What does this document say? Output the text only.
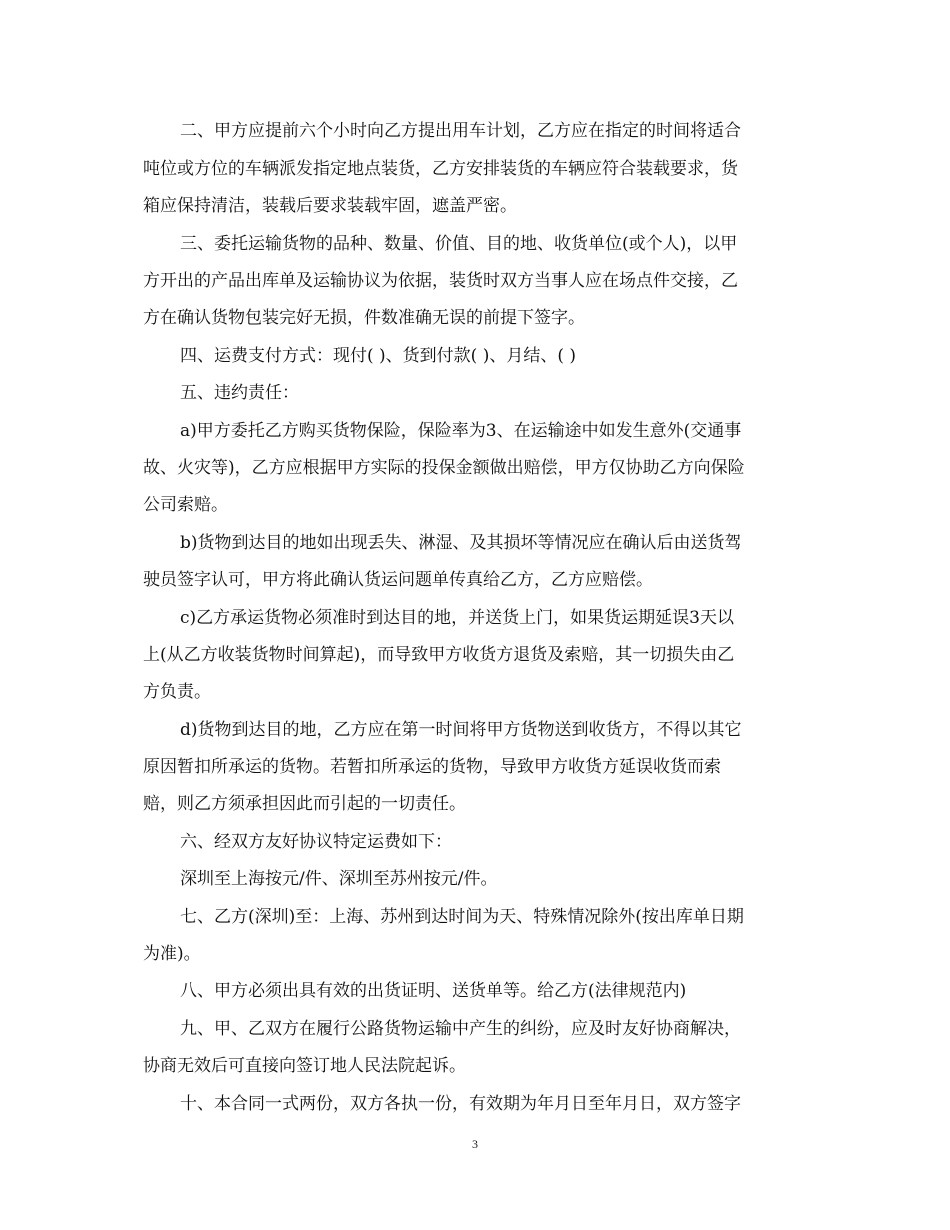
二、甲方应提前六个小时向乙方提出用车计划，乙方应在指定的时间将适合
吨位或方位的车辆派发指定地点装货，乙方安排装货的车辆应符合装载要求，货
箱应保持清洁，装载后要求装载牢固，遮盖严密。
三、委托运输货物的品种、数量、价值、目的地、收货单位(或个人)，以甲
方开出的产品出库单及运输协议为依据，装货时双方当事人应在场点件交接，乙
方在确认货物包装完好无损，件数准确无误的前提下签字。
四、运费支付方式：现付( )、货到付款( )、月结、( )
五、违约责任：
a)甲方委托乙方购买货物保险，保险率为3、在运输途中如发生意外(交通事
故、火灾等)，乙方应根据甲方实际的投保金额做出赔偿，甲方仅协助乙方向保险
公司索赔。
b)货物到达目的地如出现丢失、淋湿、及其损坏等情况应在确认后由送货驾
驶员签字认可，甲方将此确认货运问题单传真给乙方，乙方应赔偿。
c)乙方承运货物必须准时到达目的地，并送货上门，如果货运期延误3天以
上(从乙方收装货物时间算起)，而导致甲方收货方退货及索赔，其一切损失由乙
方负责。
d)货物到达目的地，乙方应在第一时间将甲方货物送到收货方，不得以其它
原因暂扣所承运的货物。若暂扣所承运的货物，导致甲方收货方延误收货而索
赔，则乙方须承担因此而引起的一切责任。
六、经双方友好协议特定运费如下：
深圳至上海按元/件、深圳至苏州按元/件。
七、乙方(深圳)至：上海、苏州到达时间为天、特殊情况除外(按出库单日期
为准)。
八、甲方必须出具有效的出货证明、送货单等。给乙方(法律规范内)
九、甲、乙双方在履行公路货物运输中产生的纠纷，应及时友好协商解决，
协商无效后可直接向签订地人民法院起诉。
十、本合同一式两份，双方各执一份，有效期为年月日至年月日，双方签字
3
